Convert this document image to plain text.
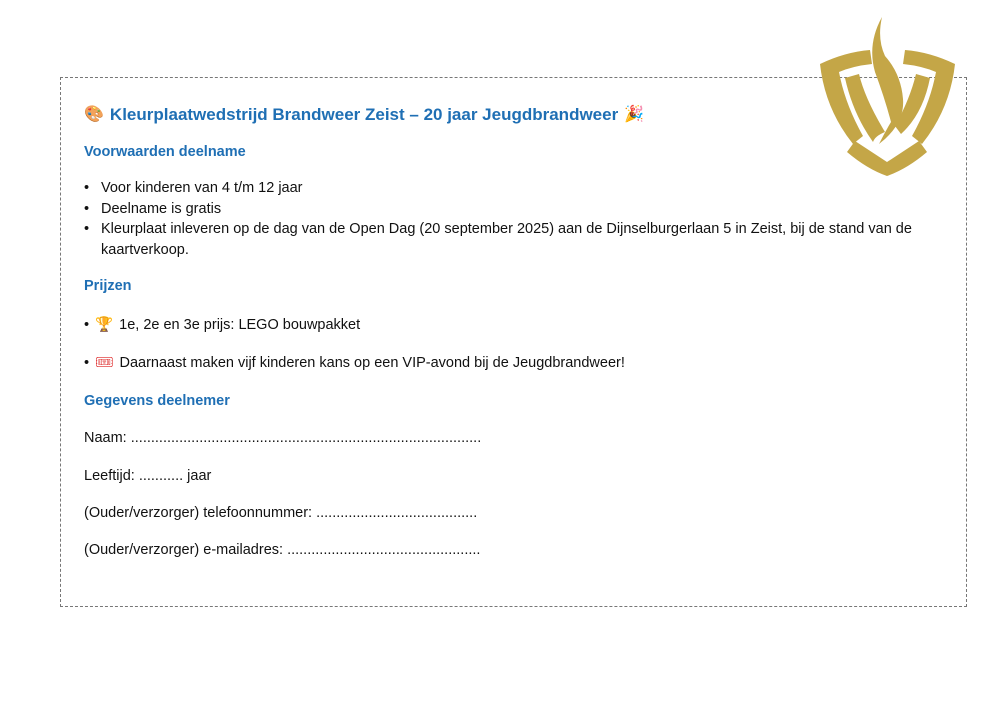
🎨 Kleurplaatwedstrijd Brandweer Zeist – 20 jaar Jeugdbrandweer 🎉
Voorwaarden deelname
• Voor kinderen van 4 t/m 12 jaar
• Deelname is gratis
• Kleurplaat inleveren op de dag van de Open Dag (20 september 2025) aan de Dijnselburgerlaan 5 in Zeist, bij de stand van de kaartverkoop.
Prijzen
• 🏆 1e, 2e en 3e prijs: LEGO bouwpakket
• 🎟 Daarnaast maken vijf kinderen kans op een VIP-avond bij de Jeugdbrandweer!
Gegevens deelnemer
Naam: .......................................................................................
Leeftijd: ........... jaar
(Ouder/verzorger) telefoonnummer: ........................................
(Ouder/verzorger) e-mailadres: ................................................
